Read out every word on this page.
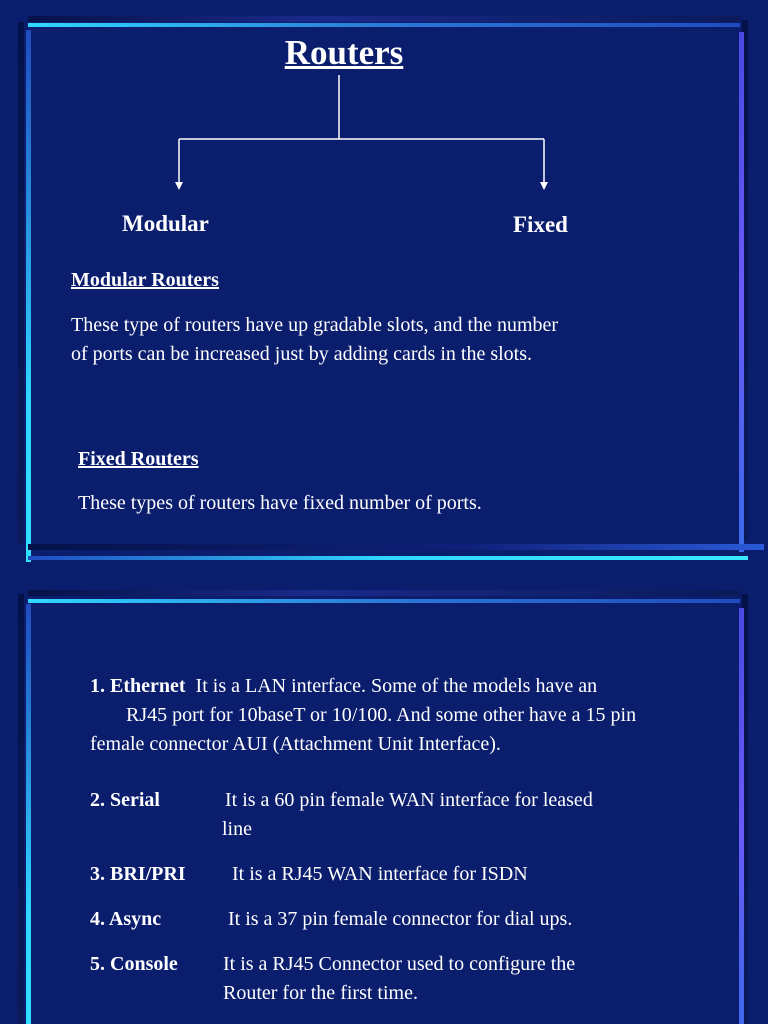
Routers
Modular	Fixed
Modular Routers
These type of routers have up gradable slots, and the number
of ports can be increased just by adding cards in the slots.
Fixed Routers
These types of routers have fixed number of ports.
1. Ethernet It is a LAN interface. Some of the models have an
RJ45 port for 10baseT or 10/100. And some other have a 15 pin
female connector AUI (Attachment Unit Interface).
2. Serial	It is a 60 pin female WAN interface for leased
line
3. BRI/PRI It is a RJ45 WAN interface for ISDN
4. Async	It is a 37 pin female connector for dial ups.
5. Console It is a RJ45 Connector used to configure the
Router for the first time.
